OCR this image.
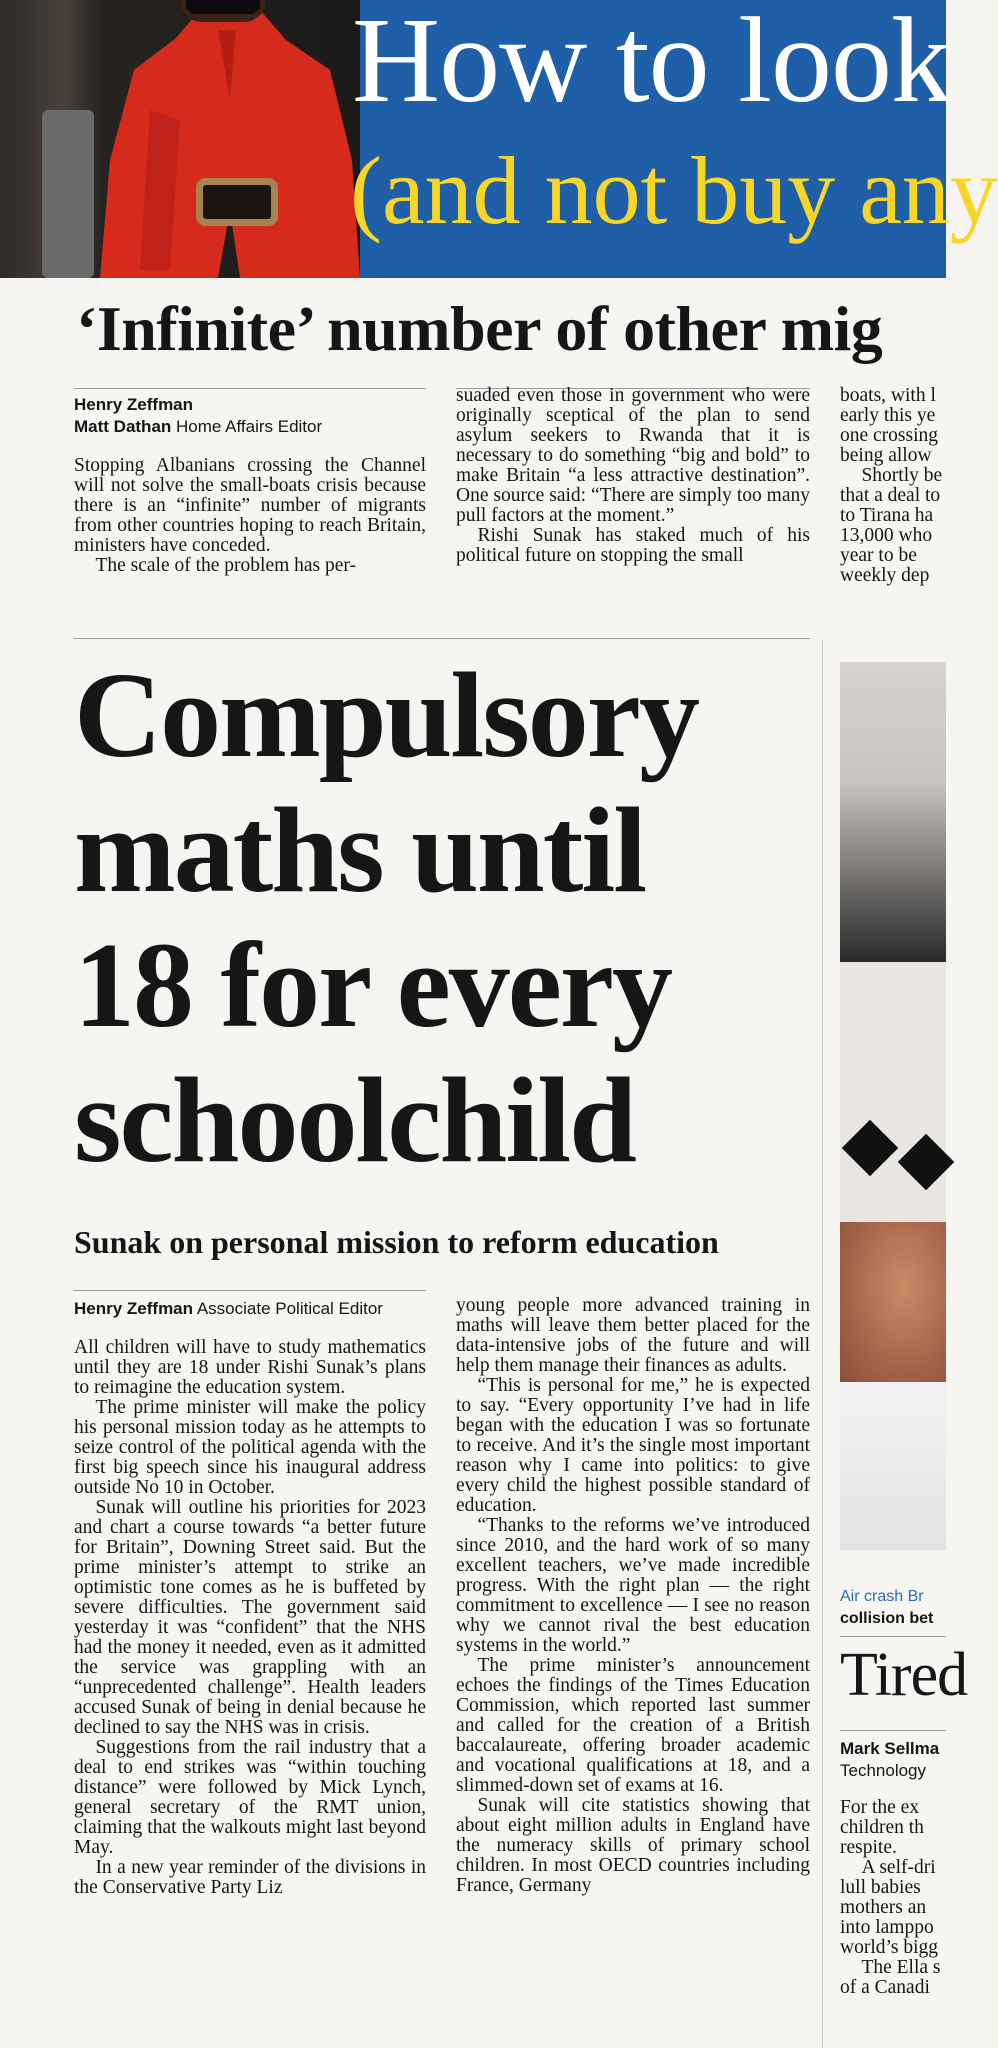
How to look
(and not buy any
‘Infinite’ number of other mig
Henry Zeffman
Matt Dathan Home Affairs Editor

Stopping Albanians crossing the Channel will not solve the small-boats crisis because there is an “infinite” number of migrants from other countries hoping to reach Britain, ministers have conceded.

The scale of the problem has per-

suaded even those in government who were originally sceptical of the plan to send asylum seekers to Rwanda that it is necessary to do something “big and bold” to make Britain “a less attractive destination”. One source said: “There are simply too many pull factors at the moment.”

Rishi Sunak has staked much of his political future on stopping the small

boats, with l
early this ye
one crossing
being allow
Shortly be
that a deal to
to Tirana ha
13,000 who
year to be
weekly dep
Compulsory
maths until
18 for every
schoolchild
Sunak on personal mission to reform education
Henry Zeffman Associate Political Editor

All children will have to study mathematics until they are 18 under Rishi Sunak’s plans to reimagine the education system.

The prime minister will make the policy his personal mission today as he attempts to seize control of the political agenda with the first big speech since his inaugural address outside No 10 in October.

Sunak will outline his priorities for 2023 and chart a course towards “a better future for Britain”, Downing Street said. But the prime minister’s attempt to strike an optimistic tone comes as he is buffeted by severe difficulties. The government said yesterday it was “confident” that the NHS had the money it needed, even as it admitted the service was grappling with an “unprecedented challenge”. Health leaders accused Sunak of being in denial because he declined to say the NHS was in crisis.

Suggestions from the rail industry that a deal to end strikes was “within touching distance” were followed by Mick Lynch, general secretary of the RMT union, claiming that the walkouts might last beyond May.

In a new year reminder of the divisions in the Conservative Party Liz

young people more advanced training in maths will leave them better placed for the data-intensive jobs of the future and will help them manage their finances as adults.

“This is personal for me,” he is expected to say. “Every opportunity I’ve had in life began with the education I was so fortunate to receive. And it’s the single most important reason why I came into politics: to give every child the highest possible standard of education.

“Thanks to the reforms we’ve introduced since 2010, and the hard work of so many excellent teachers, we’ve made incredible progress. With the right plan — the right commitment to excellence — I see no reason why we cannot rival the best education systems in the world.”

The prime minister’s announcement echoes the findings of the Times Education Commission, which reported last summer and called for the creation of a British baccalaureate, offering broader academic and vocational qualifications at 18, and a slimmed-down set of exams at 16.

Sunak will cite statistics showing that about eight million adults in England have the numeracy skills of primary school children. In most OECD countries including France, Germany

Air crash Br
collision bet
Tired
Mark Sellma
Technology
For the ex
children th
respite.
A self-dri
lull babies
mothers an
into lamppo
world’s bigg
The Ella s
of a Canadi
